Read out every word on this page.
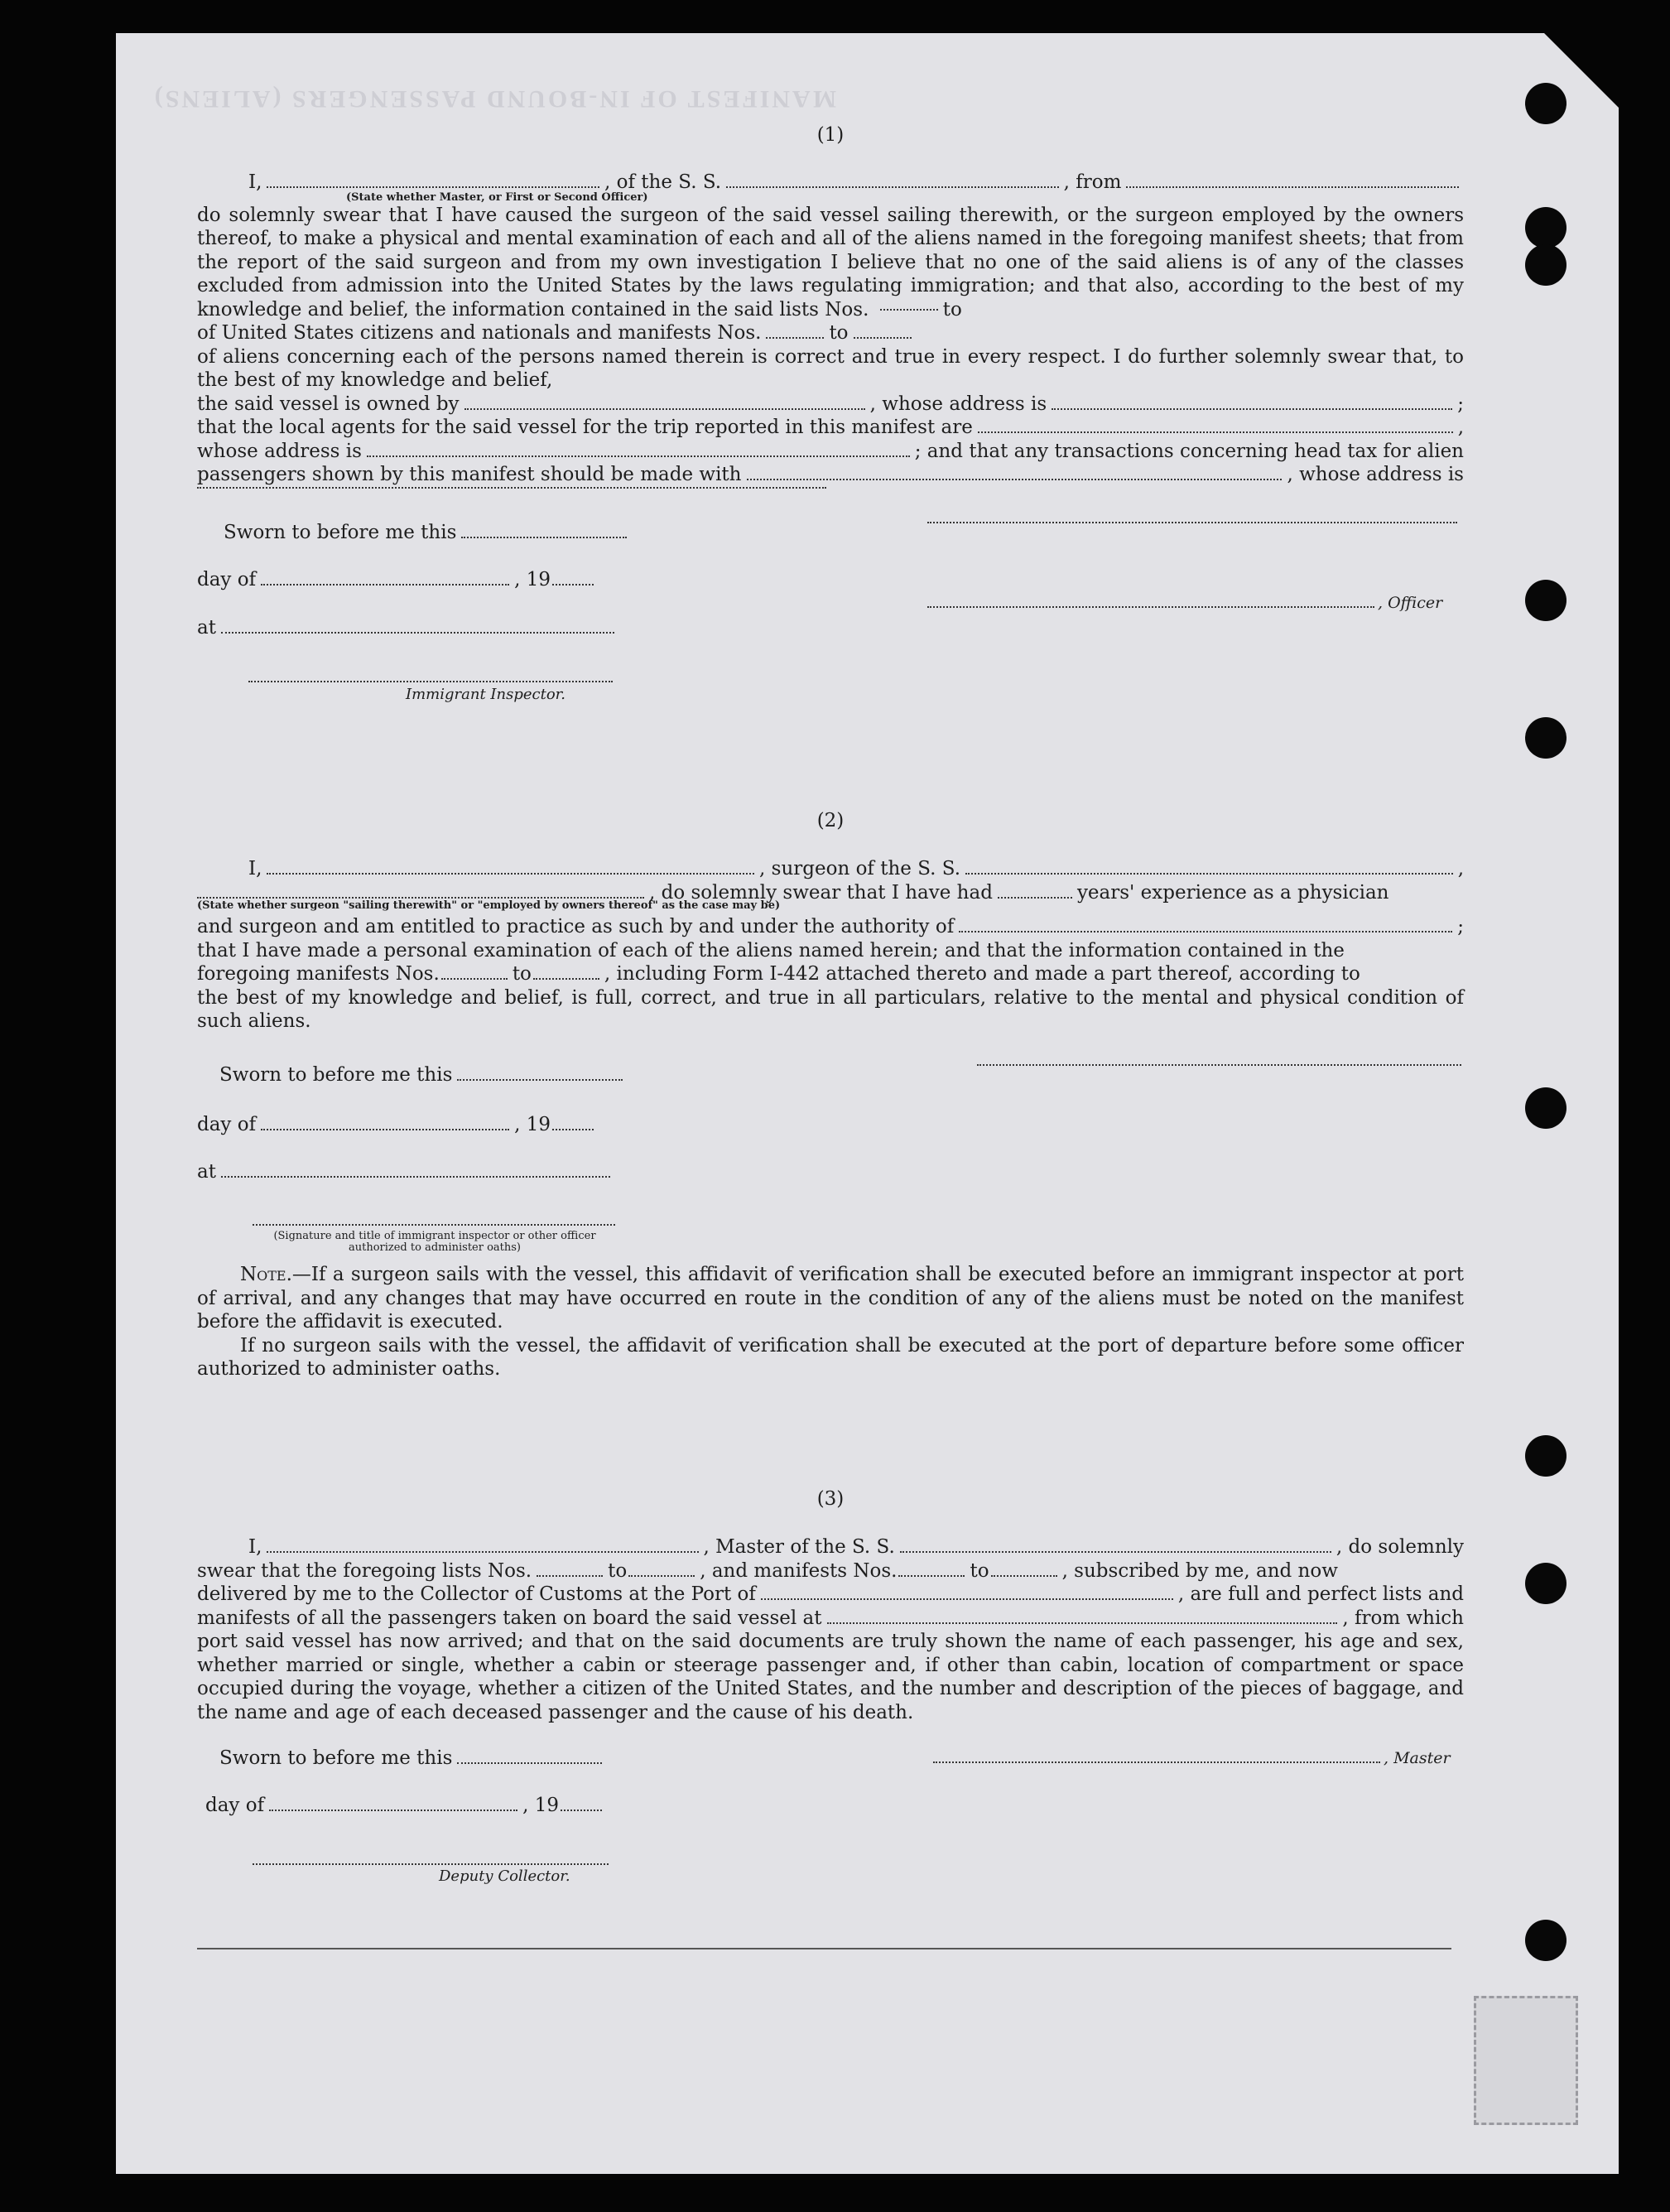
MANIFEST OF IN-BOUND PASSENGERS (ALIENS)
(1)
I,	, of the S. S.	, from
(State whether Master, or First or Second Officer)
do solemnly swear that I have caused the surgeon of the said vessel sailing therewith, or the surgeon employed by the owners thereof, to make a physical and mental examination of each and all of the aliens named in the foregoing manifest sheets; that from the report of the said surgeon and from my own investigation I believe that no one of the said aliens is of any of the classes excluded from admission into the United States by the laws regulating immigration; and that also, according to the best of my knowledge and belief, the information contained in the said lists Nos.	to
of United States citizens and nationals and manifests Nos.	to
of aliens concerning each of the persons named therein is correct and true in every respect. I do further solemnly swear that, to the best of my knowledge and belief,
the said vessel is owned by	, whose address is	;
that the local agents for the said vessel for the trip reported in this manifest are	,
whose address is	; and that any transactions concerning head tax for alien
passengers shown by this manifest should be made with	, whose address is
Sworn to before me this
day of	, 19
, Officer
at
Immigrant Inspector.
(2)
I,	, surgeon of the S. S.	,
, do solemnly swear that I have had	years' experience as a physician
(State whether surgeon "sailing therewith" or "employed by owners thereof" as the case may be)
and surgeon and am entitled to practice as such by and under the authority of	;
that I have made a personal examination of each of the aliens named herein; and that the information contained in the
foregoing manifests Nos.	to	, including Form I-442 attached thereto and made a part thereof, according to
the best of my knowledge and belief, is full, correct, and true in all particulars, relative to the mental and physical condition of such aliens.
Sworn to before me this
day of	, 19
at
(Signature and title of immigrant inspector or other officer authorized to administer oaths)
Note.—If a surgeon sails with the vessel, this affidavit of verification shall be executed before an immigrant inspector at port of arrival, and any changes that may have occurred en route in the condition of any of the aliens must be noted on the manifest before the affidavit is executed.
If no surgeon sails with the vessel, the affidavit of verification shall be executed at the port of departure before some officer authorized to administer oaths.
(3)
I,	, Master of the S. S.	, do solemnly
swear that the foregoing lists Nos.	to	, and manifests Nos.	to	, subscribed by me, and now
delivered by me to the Collector of Customs at the Port of	, are full and perfect lists and
manifests of all the passengers taken on board the said vessel at	, from which
port said vessel has now arrived; and that on the said documents are truly shown the name of each passenger, his age and sex, whether married or single, whether a cabin or steerage passenger and, if other than cabin, location of compartment or space occupied during the voyage, whether a citizen of the United States, and the number and description of the pieces of baggage, and the name and age of each deceased passenger and the cause of his death.
Sworn to before me this	, Master
day of	, 19
Deputy Collector.
